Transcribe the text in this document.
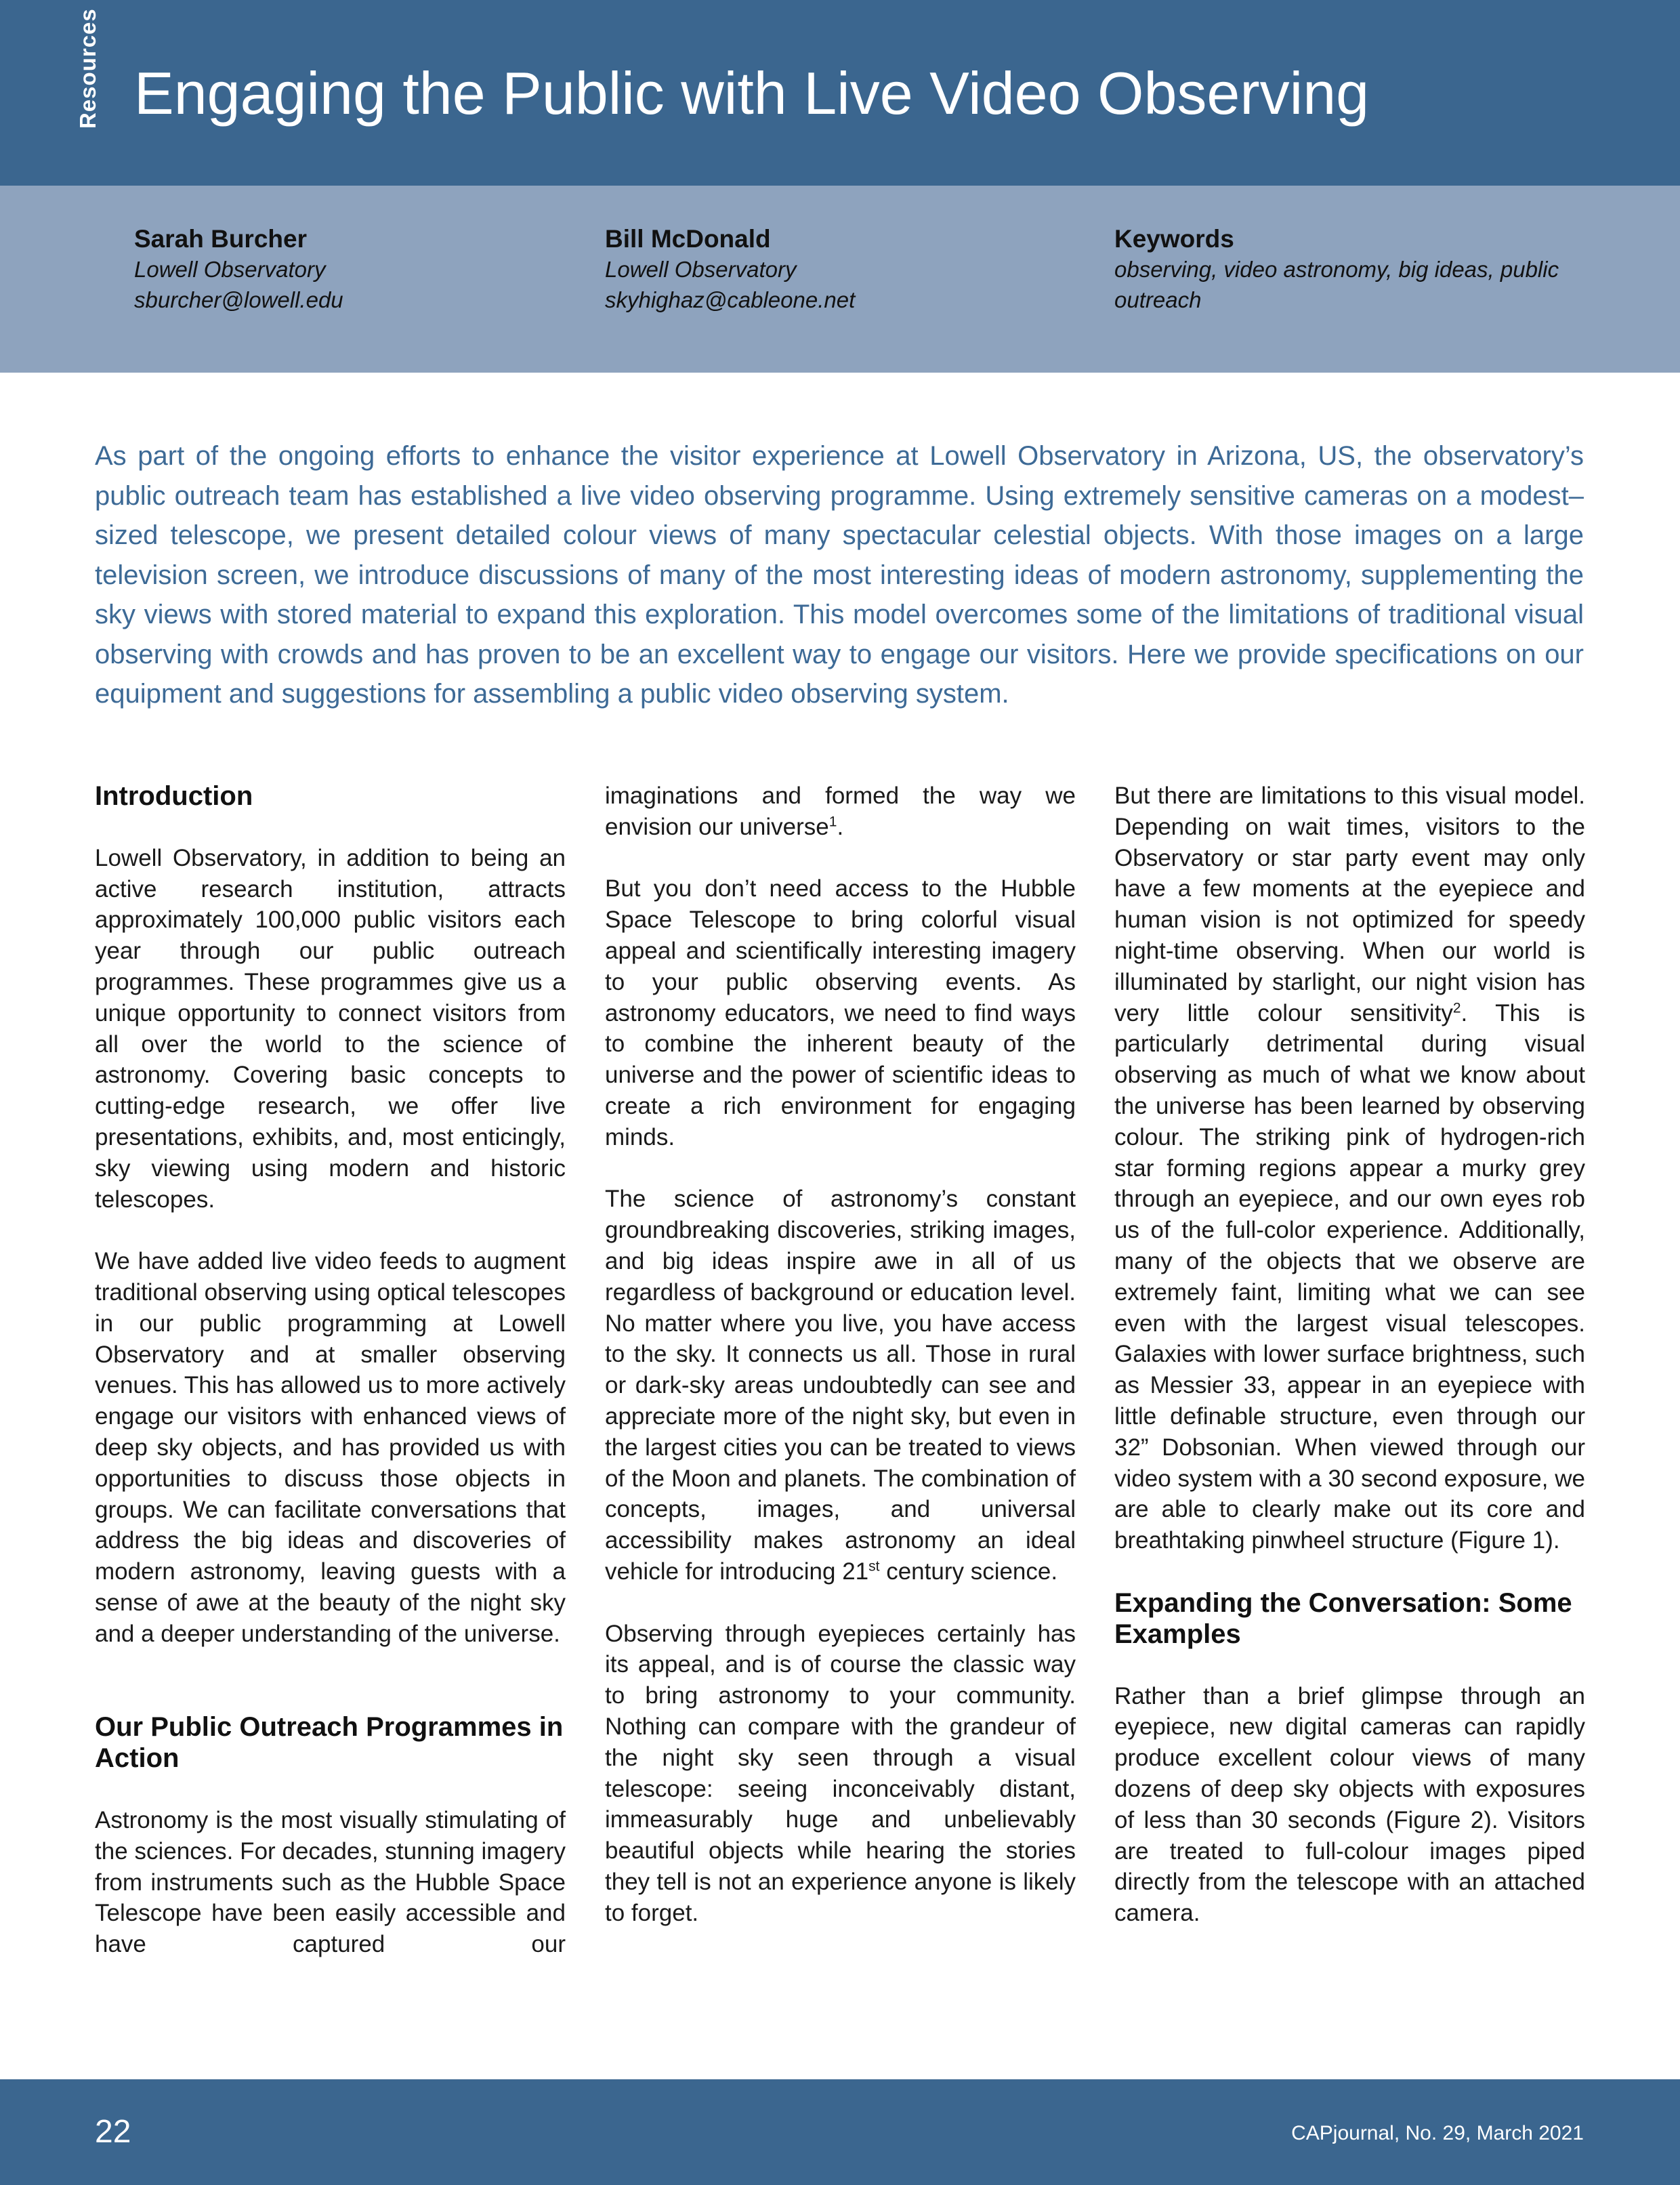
Resources Engaging the Public with Live Video Observing
Sarah Burcher
Lowell Observatory
sburcher@lowell.edu
Bill McDonald
Lowell Observatory
skyhighaz@cableone.net
Keywords
observing, video astronomy, big ideas, public outreach

As part of the ongoing efforts to enhance the visitor experience at Lowell Observatory in Arizona, US, the observatory’s public outreach team has established a live video observing programme. Using extremely sensitive cameras on a modest–sized telescope, we present detailed colour views of many spectacular celestial objects. With those images on a large television screen, we introduce discussions of many of the most interesting ideas of modern astronomy, supplementing the sky views with stored material to expand this exploration. This model overcomes some of the limitations of traditional visual observing with crowds and has proven to be an excellent way to engage our visitors. Here we provide specifications on our equipment and suggestions for assembling a public video observing system.

Introduction

Lowell Observatory, in addition to being an active research institution, attracts approximately 100,000 public visitors each year through our public outreach programmes. These programmes give us a unique opportunity to connect visitors from all over the world to the science of astronomy. Covering basic concepts to cutting-edge research, we offer live presentations, exhibits, and, most enticingly, sky viewing using modern and historic telescopes.

We have added live video feeds to augment traditional observing using optical telescopes in our public programming at Lowell Observatory and at smaller observing venues. This has allowed us to more actively engage our visitors with enhanced views of deep sky objects, and has provided us with opportunities to discuss those objects in groups. We can facilitate conversations that address the big ideas and discoveries of modern astronomy, leaving guests with a sense of awe at the beauty of the night sky and a deeper understanding of the universe.

Our Public Outreach Programmes in Action

Astronomy is the most visually stimulating of the sciences. For decades, stunning imagery from instruments such as the Hubble Space Telescope have been easily accessible and have captured our

imaginations and formed the way we envision our universe$^1$.

But you don’t need access to the Hubble Space Telescope to bring colorful visual appeal and scientifically interesting imagery to your public observing events. As astronomy educators, we need to find ways to combine the inherent beauty of the universe and the power of scientific ideas to create a rich environment for engaging minds.

The science of astronomy’s constant groundbreaking discoveries, striking images, and big ideas inspire awe in all of us regardless of background or education level. No matter where you live, you have access to the sky. It connects us all. Those in rural or dark-sky areas undoubtedly can see and appreciate more of the night sky, but even in the largest cities you can be treated to views of the Moon and planets. The combination of concepts, images, and universal accessibility makes astronomy an ideal vehicle for introducing 21st century science.

Observing through eyepieces certainly has its appeal, and is of course the classic way to bring astronomy to your community. Nothing can compare with the grandeur of the night sky seen through a visual telescope: seeing inconceivably distant, immeasurably huge and unbelievably beautiful objects while hearing the stories they tell is not an experience anyone is likely to forget.

But there are limitations to this visual model. Depending on wait times, visitors to the Observatory or star party event may only have a few moments at the eyepiece and human vision is not optimized for speedy night-time observing. When our world is illuminated by starlight, our night vision has very little colour sensitivity$^2$. This is particularly detrimental during visual observing as much of what we know about the universe has been learned by observing colour. The striking pink of hydrogen-rich star forming regions appear a murky grey through an eyepiece, and our own eyes rob us of the full-color experience. Additionally, many of the objects that we observe are extremely faint, limiting what we can see even with the largest visual telescopes. Galaxies with lower surface brightness, such as Messier 33, appear in an eyepiece with little definable structure, even through our 32” Dobsonian. When viewed through our video system with a 30 second exposure, we are able to clearly make out its core and breathtaking pinwheel structure (Figure 1).

Expanding the Conversation: Some Examples

Rather than a brief glimpse through an eyepiece, new digital cameras can rapidly produce excellent colour views of many dozens of deep sky objects with exposures of less than 30 seconds (Figure 2). Visitors are treated to full-colour images piped directly from the telescope with an attached camera.

22	CAPjournal, No. 29, March 2021
